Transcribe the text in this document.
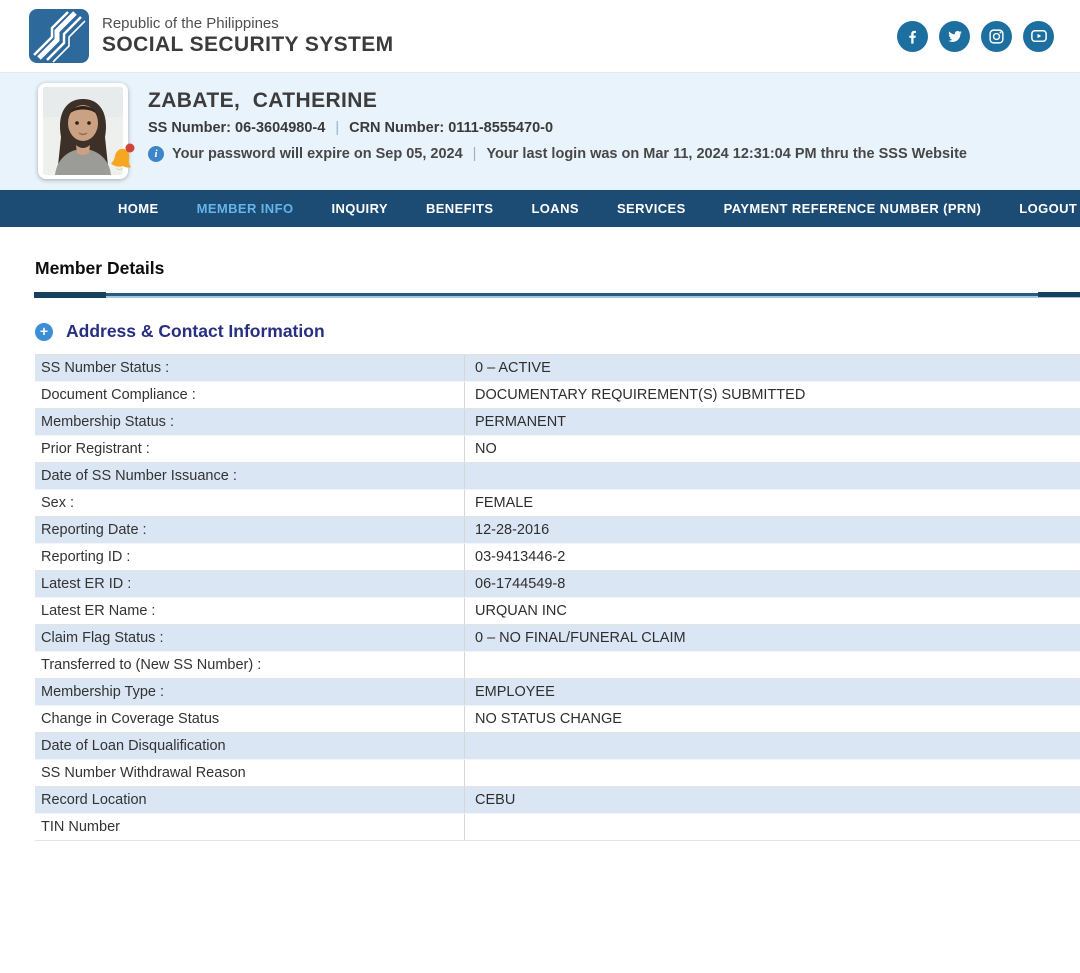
Republic of the Philippines
SOCIAL SECURITY SYSTEM
ZABATE,  CATHERINE
SS Number: 06-3604980-4 | CRN Number: 0111-8555470-0
i Your password will expire on Sep 05, 2024 | Your last login was on Mar 11, 2024 12:31:04 PM thru the SSS Website
HOME	MEMBER INFO	INQUIRY	BENEFITS	LOANS	SERVICES	PAYMENT REFERENCE NUMBER (PRN)	LOGOUT
Member Details
+ Address & Contact Information
SS Number Status :	0 – ACTIVE
Document Compliance :	DOCUMENTARY REQUIREMENT(S) SUBMITTED
Membership Status :	PERMANENT
Prior Registrant :	NO
Date of SS Number Issuance :
Sex :	FEMALE
Reporting Date :	12-28-2016
Reporting ID :	03-9413446-2
Latest ER ID :	06-1744549-8
Latest ER Name :	URQUAN INC
Claim Flag Status :	0 – NO FINAL/FUNERAL CLAIM
Transferred to (New SS Number) :
Membership Type :	EMPLOYEE
Change in Coverage Status	NO STATUS CHANGE
Date of Loan Disqualification
SS Number Withdrawal Reason
Record Location	CEBU
TIN Number
